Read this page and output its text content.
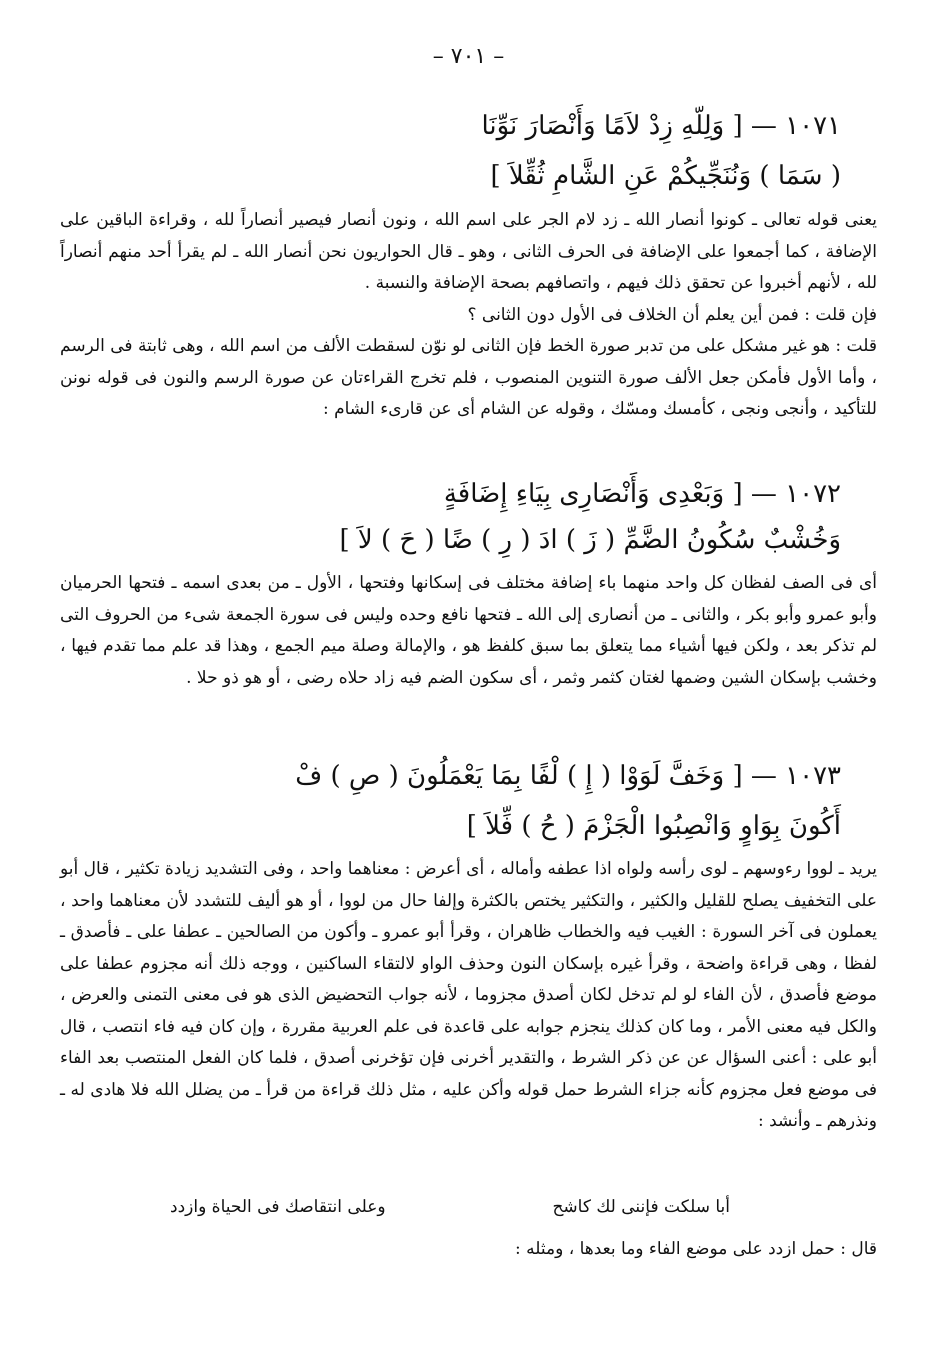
– ٧٠١ –
١٠٧١ — [ وَلِلّهِ زِدْ لاَمًا وَأَنْصَارَ نَوِّنَا
( سَمَا ) وَنُنَجِّيكُمْ عَنِ الشَّامِ ثُقِّلاَ ]

يعنى قوله تعالى ـ كونوا أنصار الله ـ زد لام الجر على اسم الله ، ونون أنصار فيصير أنصاراً لله ، وقراءة الباقين على الإضافة ، كما أجمعوا على الإضافة فى الحرف الثانى ، وهو ـ قال الحواريون نحن أنصار الله ـ لم يقرأ أحد منهم أنصاراً لله ، لأنهم أخبروا عن تحقق ذلك فيهم ، واتصافهم بصحة الإضافة والنسبة .

فإن قلت : فمن أين يعلم أن الخلاف فى الأول دون الثانى ؟

قلت : هو غير مشكل على من تدبر صورة الخط فإن الثانى لو نوّن لسقطت الألف من اسم الله ، وهى ثابتة فى الرسم ، وأما الأول فأمكن جعل الألف صورة التنوين المنصوب ، فلم تخرج القراءتان عن صورة الرسم والنون فى قوله نونن للتأكيد ، وأنجى ونجى ، كأمسك ومسّك ، وقوله عن الشام أى عن قارىء الشام :

١٠٧٢ — [ وَبَعْدِى وَأَنْصَارِى بِيَاءِ إِضَافَةٍ
وَخُشْبٌ سُكُونُ الضَّمِّ ( زَ ) ادَ ( رِ ) ضًا ( حَ ) لاَ ]

أى فى الصف لفظان كل واحد منهما باء إضافة مختلف فى إسكانها وفتحها ، الأول ـ من بعدى اسمه ـ فتحها الحرميان وأبو عمرو وأبو بكر ، والثانى ـ من أنصارى إلى الله ـ فتحها نافع وحده وليس فى سورة الجمعة شىء من الحروف التى لم تذكر بعد ، ولكن فيها أشياء مما يتعلق بما سبق كلفظ هو ، والإمالة وصلة ميم الجمع ، وهذا قد علم مما تقدم فيها ، وخشب بإسكان الشين وضمها لغتان كثمر وثمر ، أى سكون الضم فيه زاد حلاه رضى ، أو هو ذو حلا .

١٠٧٣ — [ وَخَفَّ لَوَوْا ( إِ ) لْفًا بِمَا يَعْمَلُونَ ( صِ ) فْ
أَكُونَ بِوَاوٍ وَانْصِبُوا الْجَزْمَ ( حُ ) فِّلاَ ]

يريد ـ لووا رءوسهم ـ لوى رأسه ولواه اذا عطفه وأماله ، أى أعرض : معناهما واحد ، وفى التشديد زيادة تكثير ، قال أبو على التخفيف يصلح للقليل والكثير ، والتكثير يختص بالكثرة وإلفا حال من لووا ، أو هو أليف للتشدد لأن معناهما واحد ، يعملون فى آخر السورة : الغيب فيه والخطاب ظاهران ، وقرأ أبو عمرو ـ وأكون من الصالحين ـ عطفا على ـ فأصدق ـ لفظا ، وهى قراءة واضحة ، وقرأ غيره بإسكان النون وحذف الواو لالتقاء الساكنين ، ووجه ذلك أنه مجزوم عطفا على موضع فأصدق ، لأن الفاء لو لم تدخل لكان أصدق مجزوما ، لأنه جواب التحضيض الذى هو فى معنى التمنى والعرض ، والكل فيه معنى الأمر ، وما كان كذلك ينجزم جوابه على قاعدة فى علم العربية مقررة ، وإن كان فيه فاء انتصب ، قال أبو على : أعنى السؤال عن عن ذكر الشرط ، والتقدير أخرنى فإن تؤخرنى أصدق ، فلما كان الفعل المنتصب بعد الفاء فى موضع فعل مجزوم كأنه جزاء الشرط حمل قوله وأكن عليه ، مثل ذلك قراءة من قرأ ـ من يضلل الله فلا هادى له ـ ونذرهم ـ وأنشد :

أبا سلكت فإننى لك كاشح
وعلى انتقاصك فى الحياة وازدد

قال : حمل ازدد على موضع الفاء وما بعدها ، ومثله :
